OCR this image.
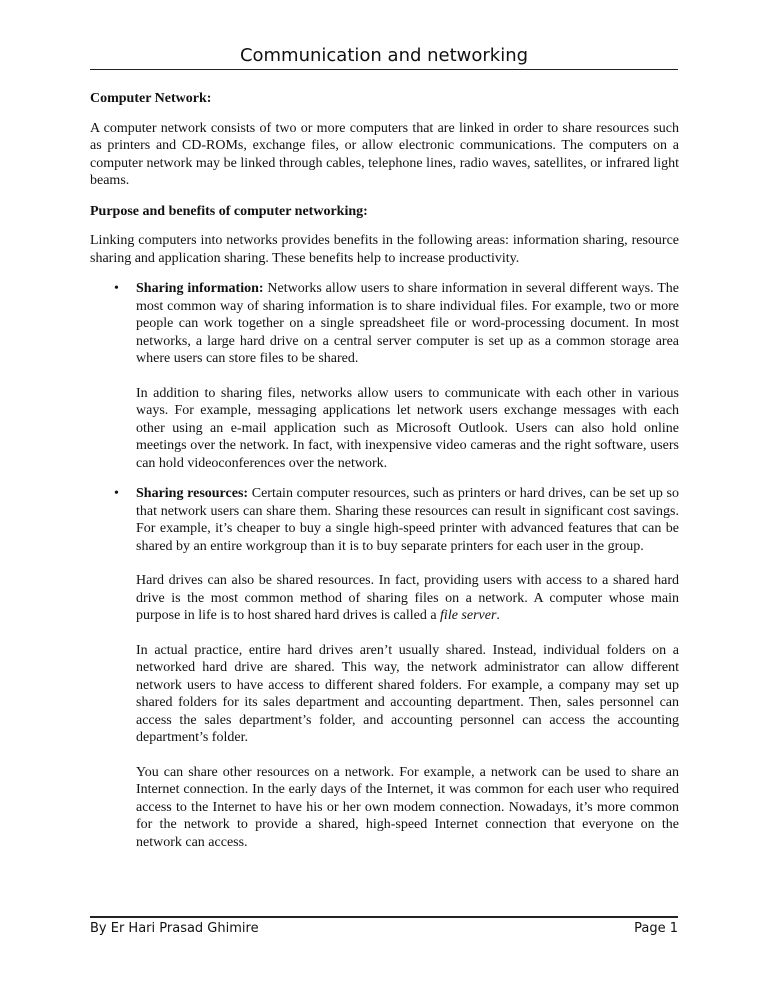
Communication and networking
Computer Network:

A computer network consists of two or more computers that are linked in order to share resources such as printers and CD-ROMs, exchange files, or allow electronic communications. The computers on a computer network may be linked through cables, telephone lines, radio waves, satellites, or infrared light beams.

Purpose and benefits of computer networking:

Linking computers into networks provides benefits in the following areas: information sharing, resource sharing and application sharing. These benefits help to increase productivity.

• Sharing information: Networks allow users to share information in several different ways. The most common way of sharing information is to share individual files. For example, two or more people can work together on a single spreadsheet file or word-processing document. In most networks, a large hard drive on a central server computer is set up as a common storage area where users can store files to be shared.

In addition to sharing files, networks allow users to communicate with each other in various ways. For example, messaging applications let network users exchange messages with each other using an e-mail application such as Microsoft Outlook. Users can also hold online meetings over the network. In fact, with inexpensive video cameras and the right software, users can hold videoconferences over the network.

• Sharing resources: Certain computer resources, such as printers or hard drives, can be set up so that network users can share them. Sharing these resources can result in significant cost savings. For example, it’s cheaper to buy a single high-speed printer with advanced features that can be shared by an entire workgroup than it is to buy separate printers for each user in the group.

Hard drives can also be shared resources. In fact, providing users with access to a shared hard drive is the most common method of sharing files on a network. A computer whose main purpose in life is to host shared hard drives is called a file server.

In actual practice, entire hard drives aren’t usually shared. Instead, individual folders on a networked hard drive are shared. This way, the network administrator can allow different network users to have access to different shared folders. For example, a company may set up shared folders for its sales department and accounting department. Then, sales personnel can access the sales department’s folder, and accounting personnel can access the accounting department’s folder.

You can share other resources on a network. For example, a network can be used to share an Internet connection. In the early days of the Internet, it was common for each user who required access to the Internet to have his or her own modem connection. Nowadays, it’s more common for the network to provide a shared, high-speed Internet connection that everyone on the network can access.

By Er Hari Prasad Ghimire	Page 1
